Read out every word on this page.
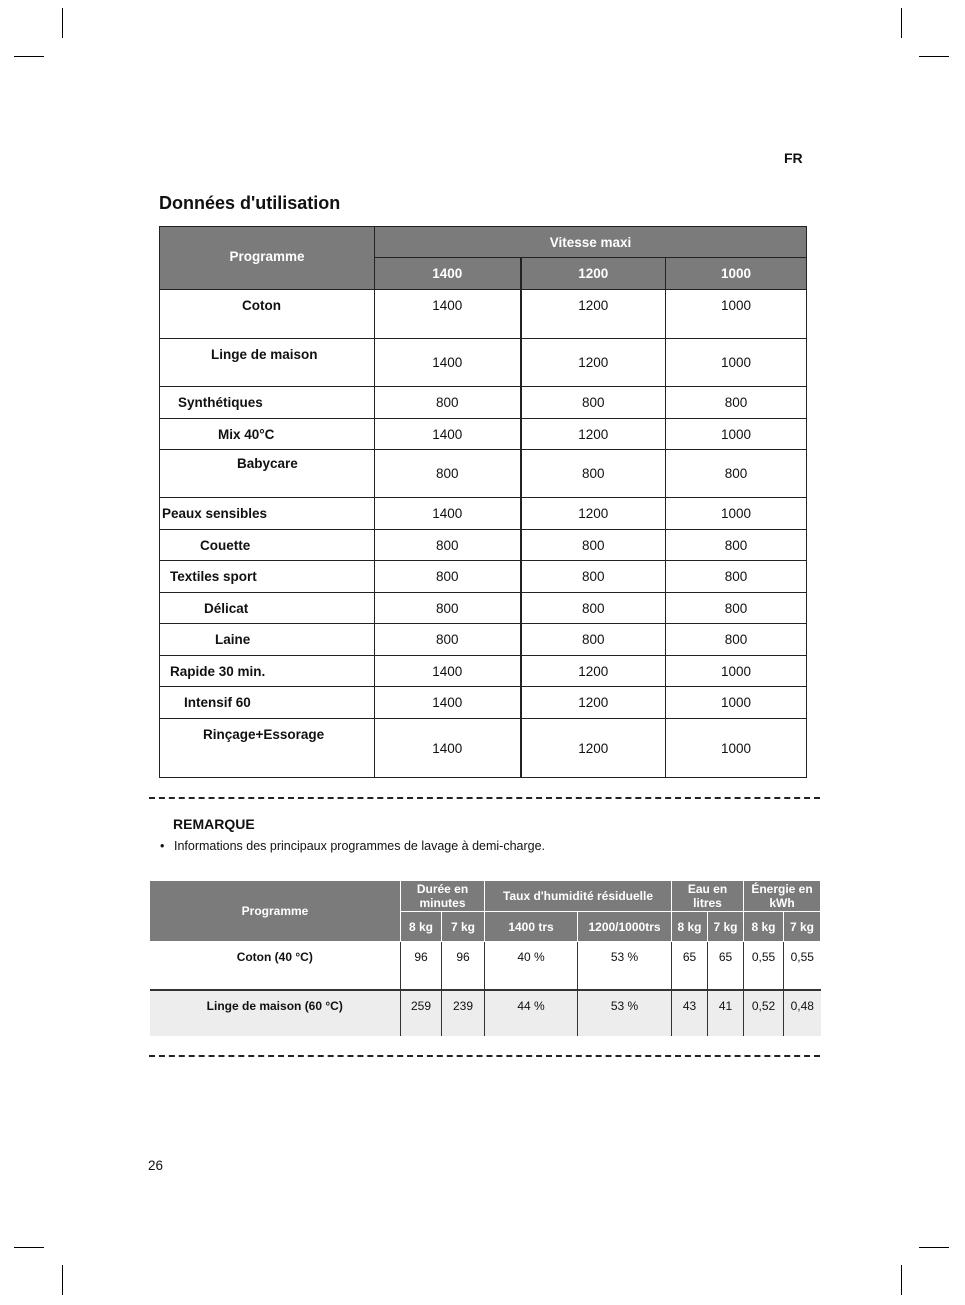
FR
Données d'utilisation
Programme	Vitesse maxi		
	1400	1200	1000
Coton	1400	1200	1000
Linge de maison	1400	1200	1000
Synthétiques	800	800	800
Mix 40°C	1400	1200	1000
Babycare	800	800	800
Peaux sensibles	1400	1200	1000
Couette	800	800	800
Textiles sport	800	800	800
Délicat	800	800	800
Laine	800	800	800
Rapide 30 min.	1400	1200	1000
Intensif 60	1400	1200	1000
Rinçage+Essorage	1400	1200	1000
REMARQUE
• Informations des principaux programmes de lavage à demi-charge.
Programme	Durée en minutes		Taux d'humidité résiduelle		Eau en litres		Énergie en kWh	
	8 kg	7 kg	1400 trs	1200/1000trs	8 kg	7 kg	8 kg	7 kg
Coton (40 °C)	96	96	40 %	53 %	65	65	0,55	0,55
Linge de maison (60 °C)	259	239	44 %	53 %	43	41	0,52	0,48
26
